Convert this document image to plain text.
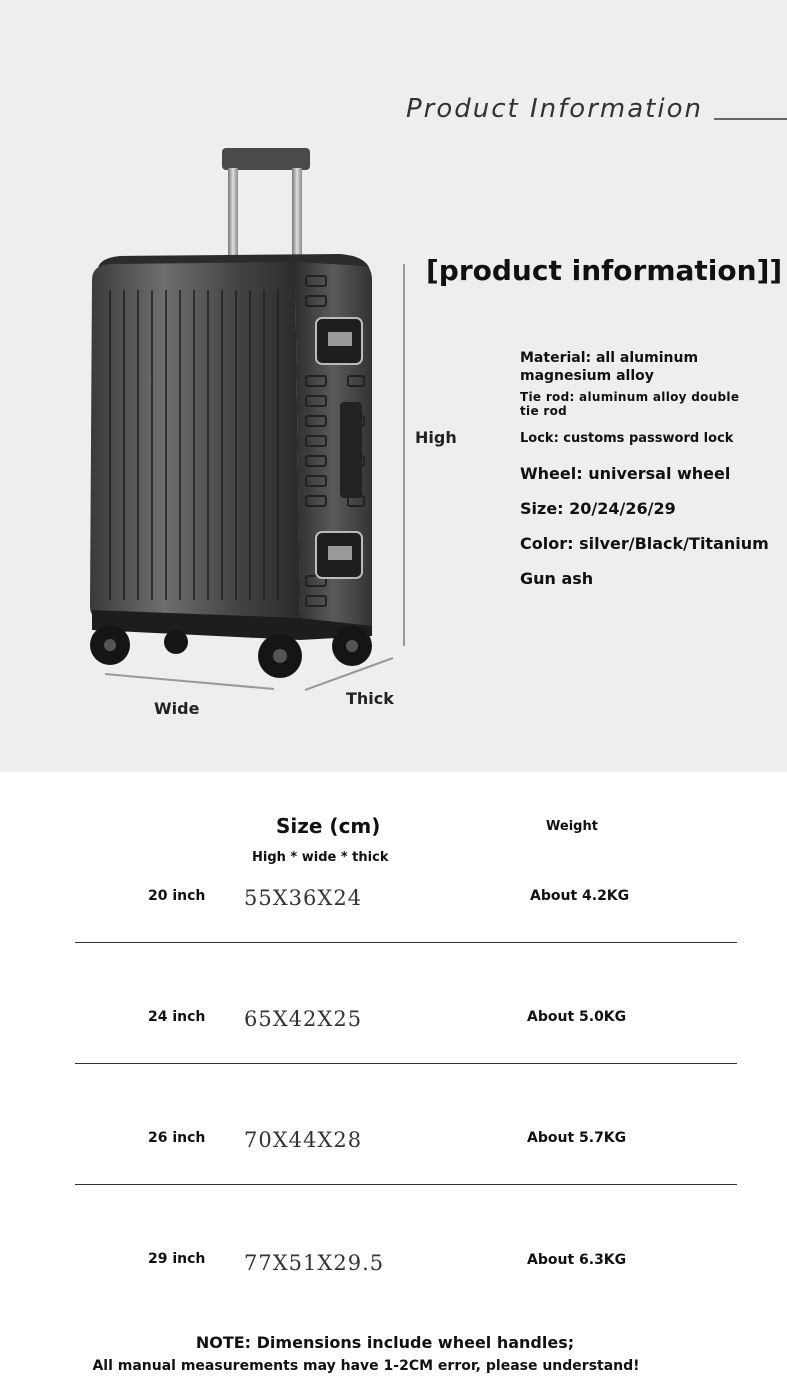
Product Information
High
Wide
Thick
[product information]]
Material: all aluminum magnesium alloy
Tie rod: aluminum alloy double tie rod
Lock: customs password lock
Wheel: universal wheel
Size: 20/24/26/29
Color: silver/Black/Titanium
Gun ash
Size (cm)
High * wide * thick
Weight
20 inch 55X36X24	About 4.2KG
24 inch 65X42X25	About 5.0KG
26 inch 70X44X28	About 5.7KG
29 inch 77X51X29.5	About 6.3KG
NOTE: Dimensions include wheel handles;
All manual measurements may have 1-2CM error, please understand!
